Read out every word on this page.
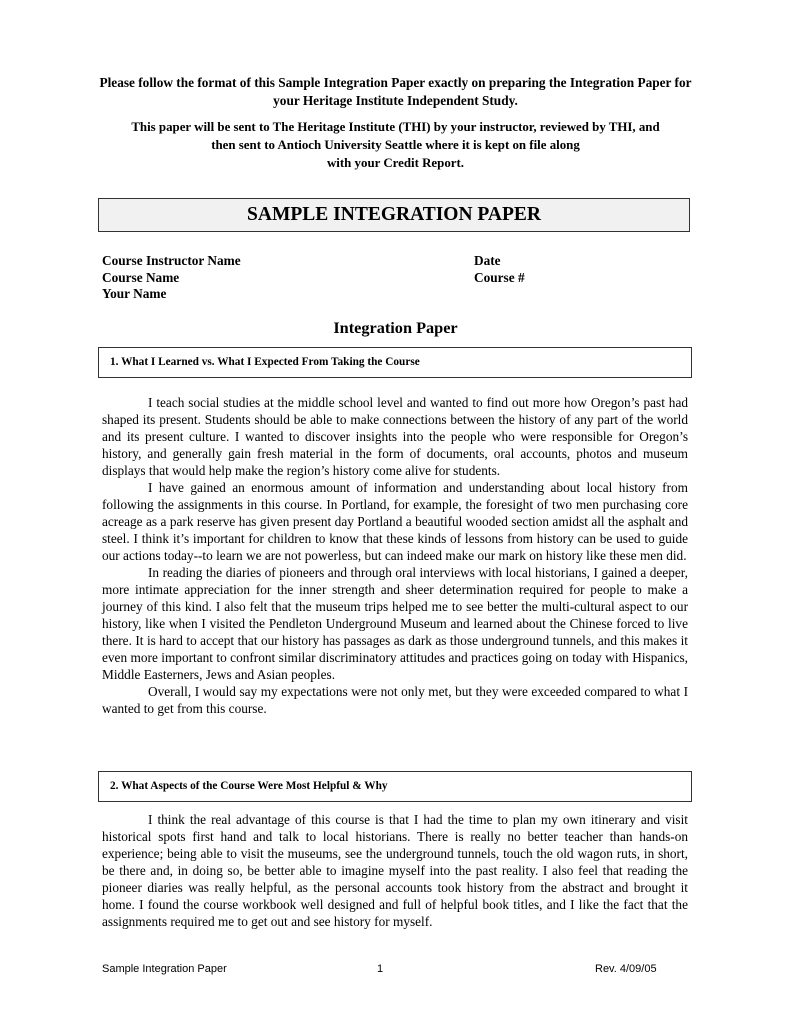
Please follow the format of this Sample Integration Paper exactly on preparing the Integration Paper for your Heritage Institute Independent Study.
This paper will be sent to The Heritage Institute (THI) by your instructor, reviewed by THI, and
then sent to Antioch University Seattle where it is kept on file along
with your Credit Report.
SAMPLE INTEGRATION PAPER
Course Instructor Name
Course Name
Your Name
Date
Course #
Integration Paper
1. What I Learned vs. What I Expected From Taking the Course

I teach social studies at the middle school level and wanted to find out more how Oregon’s past had shaped its present. Students should be able to make connections between the history of any part of the world and its present culture. I wanted to discover insights into the people who were responsible for Oregon’s history, and generally gain fresh material in the form of documents, oral accounts, photos and museum displays that would help make the region’s history come alive for students.

I have gained an enormous amount of information and understanding about local history from following the assignments in this course. In Portland, for example, the foresight of two men purchasing core acreage as a park reserve has given present day Portland a beautiful wooded section amidst all the asphalt and steel. I think it’s important for children to know that these kinds of lessons from history can be used to guide our actions today--to learn we are not powerless, but can indeed make our mark on history like these men did.

In reading the diaries of pioneers and through oral interviews with local historians, I gained a deeper, more intimate appreciation for the inner strength and sheer determination required for people to make a journey of this kind. I also felt that the museum trips helped me to see better the multi-cultural aspect to our history, like when I visited the Pendleton Underground Museum and learned about the Chinese forced to live there. It is hard to accept that our history has passages as dark as those underground tunnels, and this makes it even more important to confront similar discriminatory attitudes and practices going on today with Hispanics, Middle Easterners, Jews and Asian peoples.

Overall, I would say my expectations were not only met, but they were exceeded compared to what I wanted to get from this course.

2. What Aspects of the Course Were Most Helpful & Why

I think the real advantage of this course is that I had the time to plan my own itinerary and visit historical spots first hand and talk to local historians. There is really no better teacher than hands-on experience; being able to visit the museums, see the underground tunnels, touch the old wagon ruts, in short, be there and, in doing so, be better able to imagine myself into the past reality. I also feel that reading the pioneer diaries was really helpful, as the personal accounts took history from the abstract and brought it home. I found the course workbook well designed and full of helpful book titles, and I like the fact that the assignments required me to get out and see history for myself.

Sample Integration Paper	1	Rev. 4/09/05
